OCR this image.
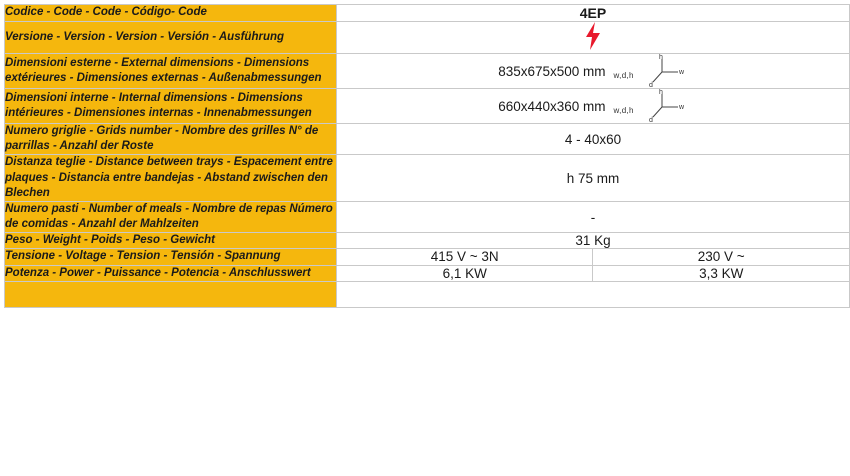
Codice - Code - Code - Código- Code	4EP	
Versione - Version - Version - Versión - Ausführung	
Dimensioni esterne - External dimensions - Dimensions extérieures - Dimensiones externas - Außenabmessungen	835x675x500 mm w,d,h
h
w
d	

Dimensioni interne - Internal dimensions - Dimensions intérieures - Dimensiones internas - Innenabmessungen	660x440x360 mm w,d,h
h
w
d	

Numero griglie - Grids number - Nombre des grilles N° de parrillas - Anzahl der Roste	4 - 40x60	
Distanza teglie - Distance between trays - Espacement entre plaques - Distancia entre bandejas - Abstand zwischen den Blechen	h 75 mm	
Numero pasti - Number of meals - Nombre de repas Número de comidas - Anzahl der Mahlzeiten	-	
Peso - Weight - Poids - Peso - Gewicht	31 Kg	
Tensione - Voltage - Tension - Tensión - Spannung	415 V ~ 3N	230 V ~
Potenza - Power - Puissance - Potencia - Anschlusswert	6,1 KW	3,3 KW
